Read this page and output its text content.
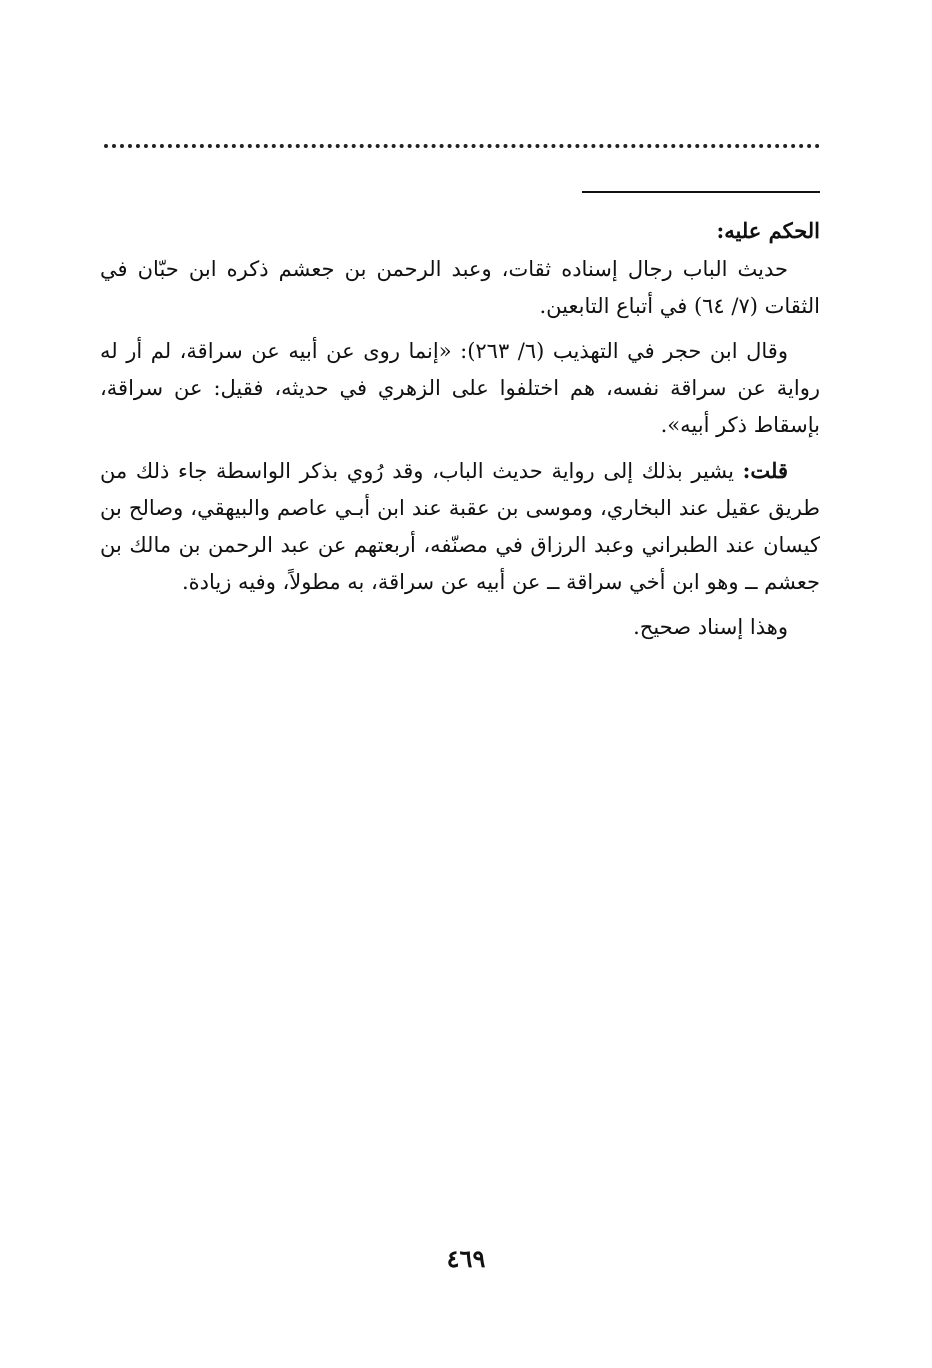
الحكم عليه:

حديث الباب رجال إسناده ثقات، وعبد الرحمن بن جعشم ذكره ابن حبّان في الثقات (٧/ ٦٤) في أتباع التابعين.

وقال ابن حجر في التهذيب (٦/ ٢٦٣): «إنما روى عن أبيه عن سراقة، لم أر له رواية عن سراقة نفسه، هم اختلفوا على الزهري في حديثه، فقيل: عن سراقة، بإسقاط ذكر أبيه».

قلت: يشير بذلك إلى رواية حديث الباب، وقد رُوي بذكر الواسطة جاء ذلك من طريق عقيل عند البخاري، وموسى بن عقبة عند ابن أبـي عاصم والبيهقي، وصالح بن كيسان عند الطبراني وعبد الرزاق في مصنّفه، أربعتهم عن عبد الرحمن بن مالك بن جعشم ــ وهو ابن أخي سراقة ــ عن أبيه عن سراقة، به مطولاً، وفيه زيادة.

وهذا إسناد صحيح.

٤٦٩
